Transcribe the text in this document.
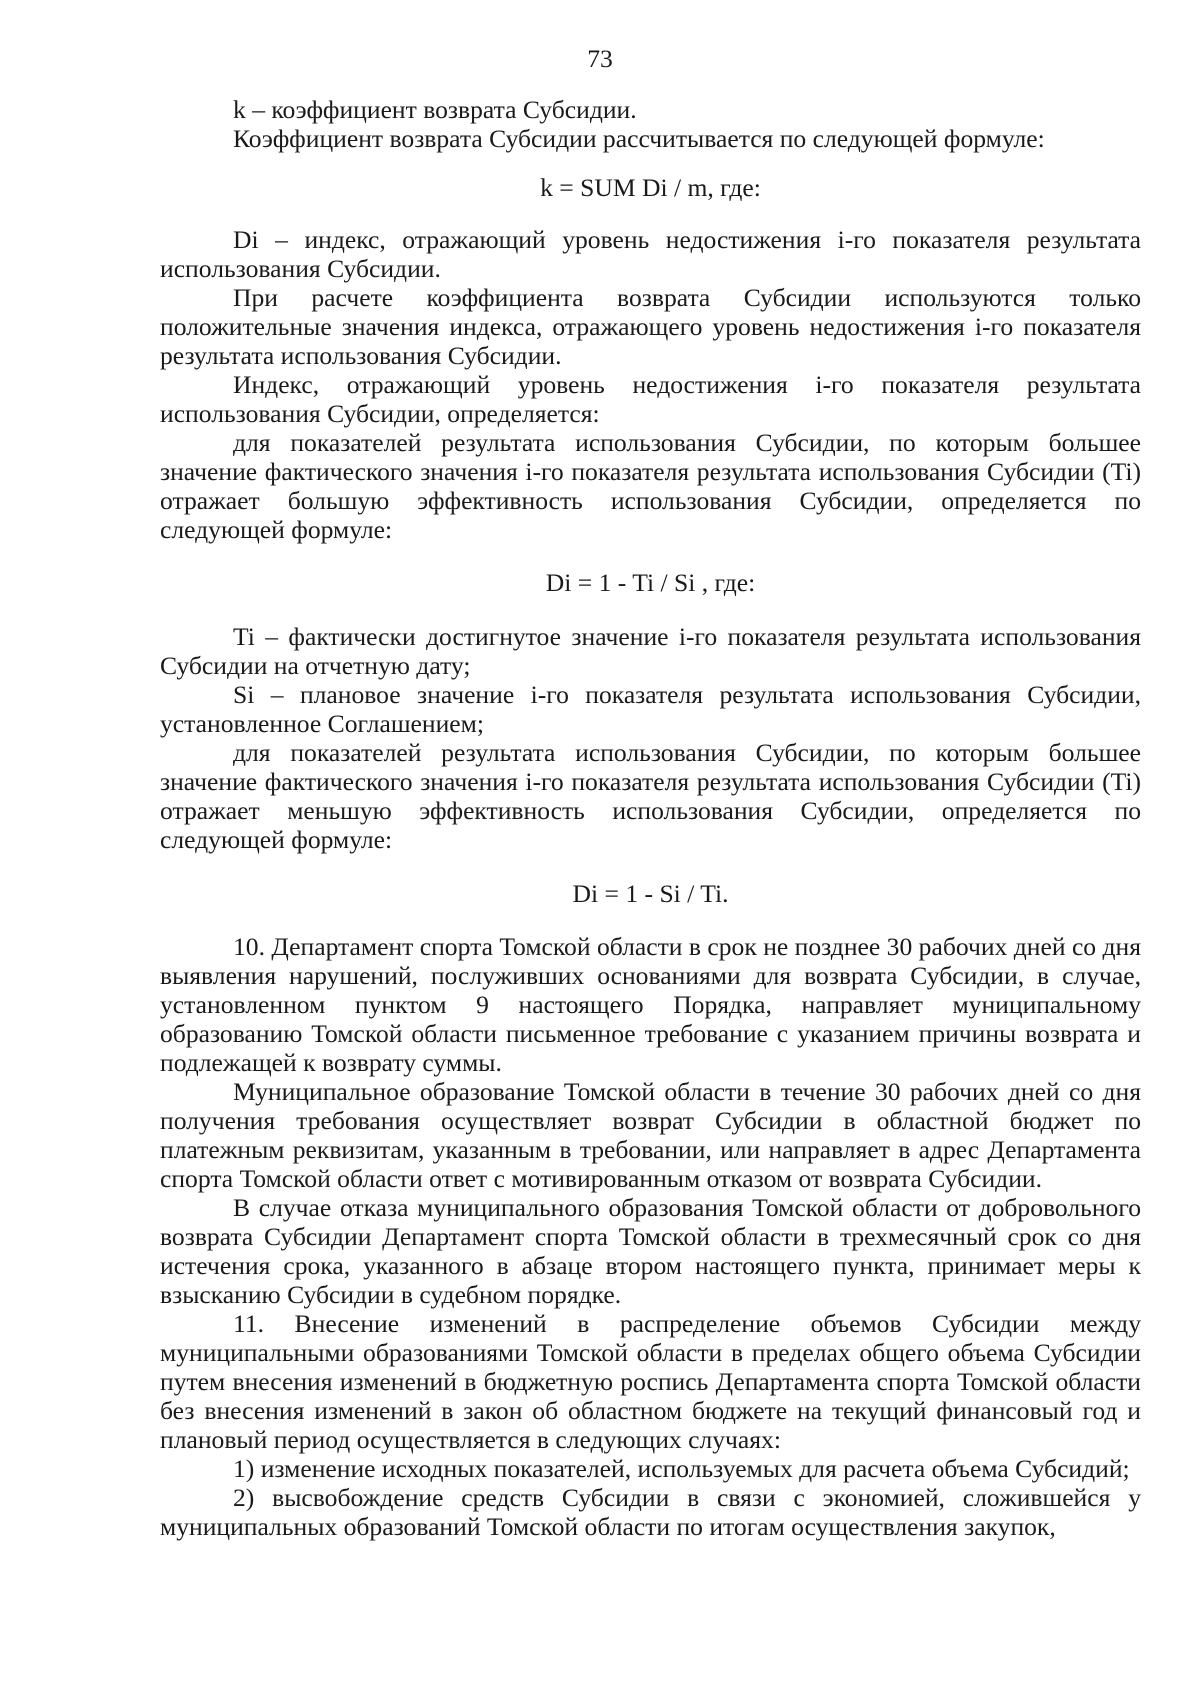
73

k – коэффициент возврата Субсидии.

Коэффициент возврата Субсидии рассчитывается по следующей формуле:

k = SUM Di / m, где:

Di – индекс, отражающий уровень недостижения i-го показателя результата использования Субсидии.

При расчете коэффициента возврата Субсидии используются только положительные значения индекса, отражающего уровень недостижения i-го показателя результата использования Субсидии.

Индекс, отражающий уровень недостижения i-го показателя результата использования Субсидии, определяется:

для показателей результата использования Субсидии, по которым большее значение фактического значения i-го показателя результата использования Субсидии (Ti) отражает большую эффективность использования Субсидии, определяется по следующей формуле:

Di = 1 - Ti / Si , где:

Ti – фактически достигнутое значение i-го показателя результата использования Субсидии на отчетную дату;

Si – плановое значение i-го показателя результата использования Субсидии, установленное Соглашением;

для показателей результата использования Субсидии, по которым большее значение фактического значения i-го показателя результата использования Субсидии (Ti) отражает меньшую эффективность использования Субсидии, определяется по следующей формуле:

Di = 1 - Si / Ti.

10. Департамент спорта Томской области в срок не позднее 30 рабочих дней со дня выявления нарушений, послуживших основаниями для возврата Субсидии, в случае, установленном пунктом 9 настоящего Порядка, направляет муниципальному образованию Томской области письменное требование с указанием причины возврата и подлежащей к возврату суммы.

Муниципальное образование Томской области в течение 30 рабочих дней со дня получения требования осуществляет возврат Субсидии в областной бюджет по платежным реквизитам, указанным в требовании, или направляет в адрес Департамента спорта Томской области ответ с мотивированным отказом от возврата Субсидии.

В случае отказа муниципального образования Томской области от добровольного возврата Субсидии Департамент спорта Томской области в трехмесячный срок со дня истечения срока, указанного в абзаце втором настоящего пункта, принимает меры к взысканию Субсидии в судебном порядке.

11. Внесение изменений в распределение объемов Субсидии между муниципальными образованиями Томской области в пределах общего объема Субсидии путем внесения изменений в бюджетную роспись Департамента спорта Томской области без внесения изменений в закон об областном бюджете на текущий финансовый год и плановый период осуществляется в следующих случаях:

1) изменение исходных показателей, используемых для расчета объема Субсидий;

2) высвобождение средств Субсидии в связи с экономией, сложившейся у муниципальных образований Томской области по итогам осуществления закупок,
